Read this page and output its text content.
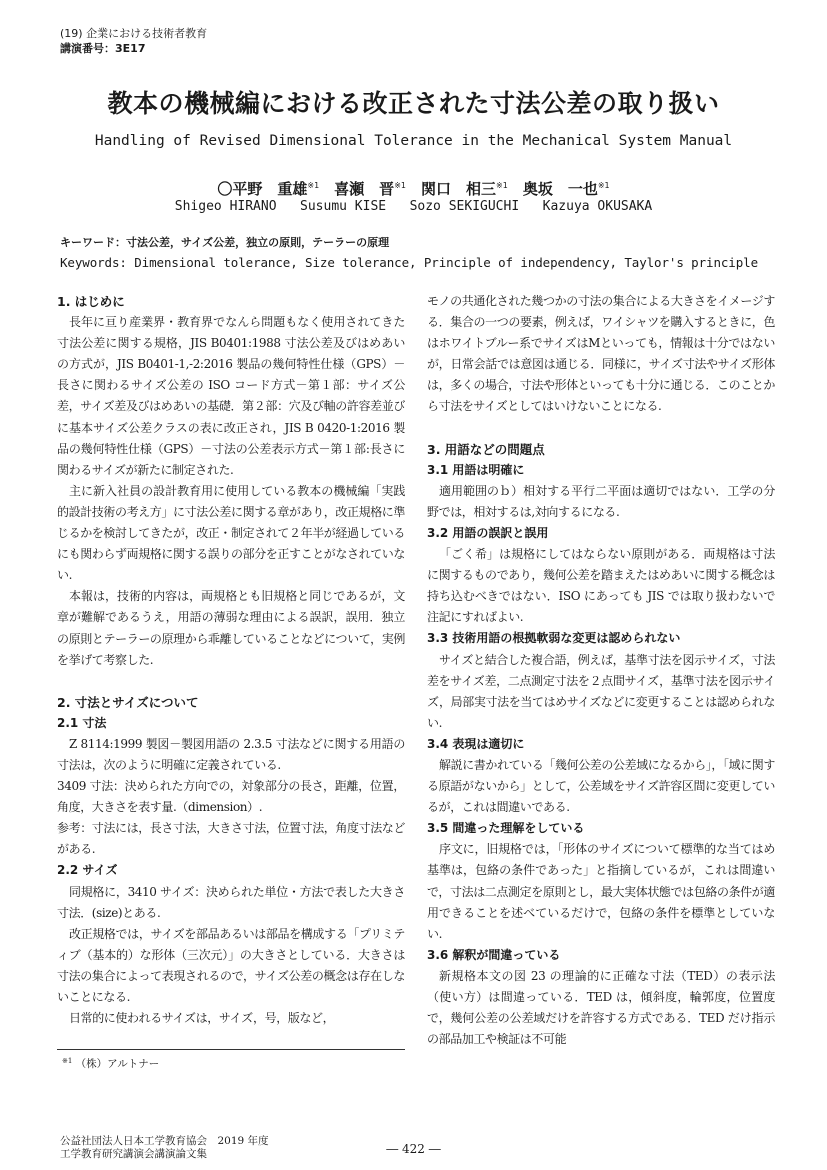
(19) 企業における技術者教育
講演番号：3E17
教本の機械編における改正された寸法公差の取り扱い
Handling of Revised Dimensional Tolerance in the Mechanical System Manual
〇平野　重雄$^{※1}$　 喜瀬　晋$^{※1}$　 関口　相三$^{※1}$　 奥坂　一也$^{※1}$
Shigeo HIRANO   Susumu KISE   Sozo SEKIGUCHI   Kazuya OKUSAKA
キーワード：寸法公差，サイズ公差，独立の原則，テーラーの原理
Keywords: Dimensional tolerance, Size tolerance, Principle of independency, Taylor's principle
1. はじめに

長年に亘り産業界・教育界でなんら問題もなく使用されてきた寸法公差に関する規格，JIS B0401:1988 寸法公差及びはめあいの方式が，JIS B0401-1,-2:2016 製品の幾何特性仕様（GPS）－長さに関わるサイズ公差の ISO コード方式－第１部：サイズ公差，サイズ差及びはめあいの基礎．第２部：穴及び軸の許容差並びに基本サイズ公差クラスの表に改正され，JIS B 0420-1:2016 製品の幾何特性仕様（GPS）－寸法の公差表示方式－第１部:長さに関わるサイズが新たに制定された.

主に新入社員の設計教育用に使用している教本の機械編「実践的設計技術の考え方」に寸法公差に関する章があり，改正規格に準じるかを検討してきたが，改正・制定されて２年半が経過しているにも関わらず両規格に関する誤りの部分を正すことがなされていない.

本報は，技術的内容は，両規格とも旧規格と同じであるが，文章が難解であるうえ，用語の薄弱な理由による誤訳，誤用．独立の原則とテーラーの原理から乖離していることなどについて，実例を挙げて考察した.

2. 寸法とサイズについて
2.1 寸法

Z 8114:1999 製図－製図用語の 2.3.5 寸法などに関する用語の寸法は，次のように明確に定義されている.

3409 寸法：決められた方向での，対象部分の長さ，距離，位置，角度，大きさを表す量.（dimension）.

参考：寸法には，長さ寸法，大きさ寸法，位置寸法，角度寸法などがある.

2.2 サイズ

同規格に，3410 サイズ：決められた単位・方法で表した大きさ寸法．(size)とある.

改正規格では，サイズを部品あるいは部品を構成する「プリミティブ（基本的）な形体（三次元）」の大きさとしている．大きさは寸法の集合によって表現されるので，サイズ公差の概念は存在しないことになる.

日常的に使われるサイズは，サイズ，号，版など，

モノの共通化された幾つかの寸法の集合による大きさをイメージする．集合の一つの要素，例えば，ワイシャツを購入するときに，色はホワイトブルー系でサイズはMといっても，情報は十分ではないが，日常会話では意図は通じる．同様に，サイズ寸法やサイズ形体は，多くの場合，寸法や形体といっても十分に通じる．このことから寸法をサイズとしてはいけないことになる.

3. 用語などの問題点
3.1 用語は明確に

適用範囲のｂ）相対する平行二平面は適切ではない．工学の分野では，相対するは,対向するになる.

3.2 用語の誤訳と誤用

「ごく希」は規格にしてはならない原則がある．両規格は寸法に関するものであり，幾何公差を踏まえたはめあいに関する概念は持ち込むべきではない．ISO にあっても JIS では取り扱わないで注記にすればよい.

3.3 技術用語の根拠軟弱な変更は認められない

サイズと結合した複合語，例えば，基準寸法を図示サイズ，寸法差をサイズ差，二点測定寸法を２点間サイズ，基準寸法を図示サイズ，局部実寸法を当てはめサイズなどに変更することは認められない.

3.4 表現は適切に

解説に書かれている「幾何公差の公差域になるから」，「域に関する原語がないから」として，公差域をサイズ許容区間に変更しているが，これは間違いである.

3.5 間違った理解をしている

序文に，旧規格では，「形体のサイズについて標準的な当てはめ基準は，包絡の条件であった」と指摘しているが，これは間違いで，寸法は二点測定を原則とし，最大実体状態では包絡の条件が適用できることを述べているだけで，包絡の条件を標準としていない.

3.6 解釈が間違っている

新規格本文の図 23 の理論的に正確な寸法（TED）の表示法（使い方）は間違っている．TED は，傾斜度，輪郭度，位置度で，幾何公差の公差域だけを許容する方式である．TED だけ指示の部品加工や検証は不可能

$^{※1}$ （株）アルトナー
公益社団法人日本工学教育協会　2019 年度
工学教育研究講演会講演論文集	― 422 ―
